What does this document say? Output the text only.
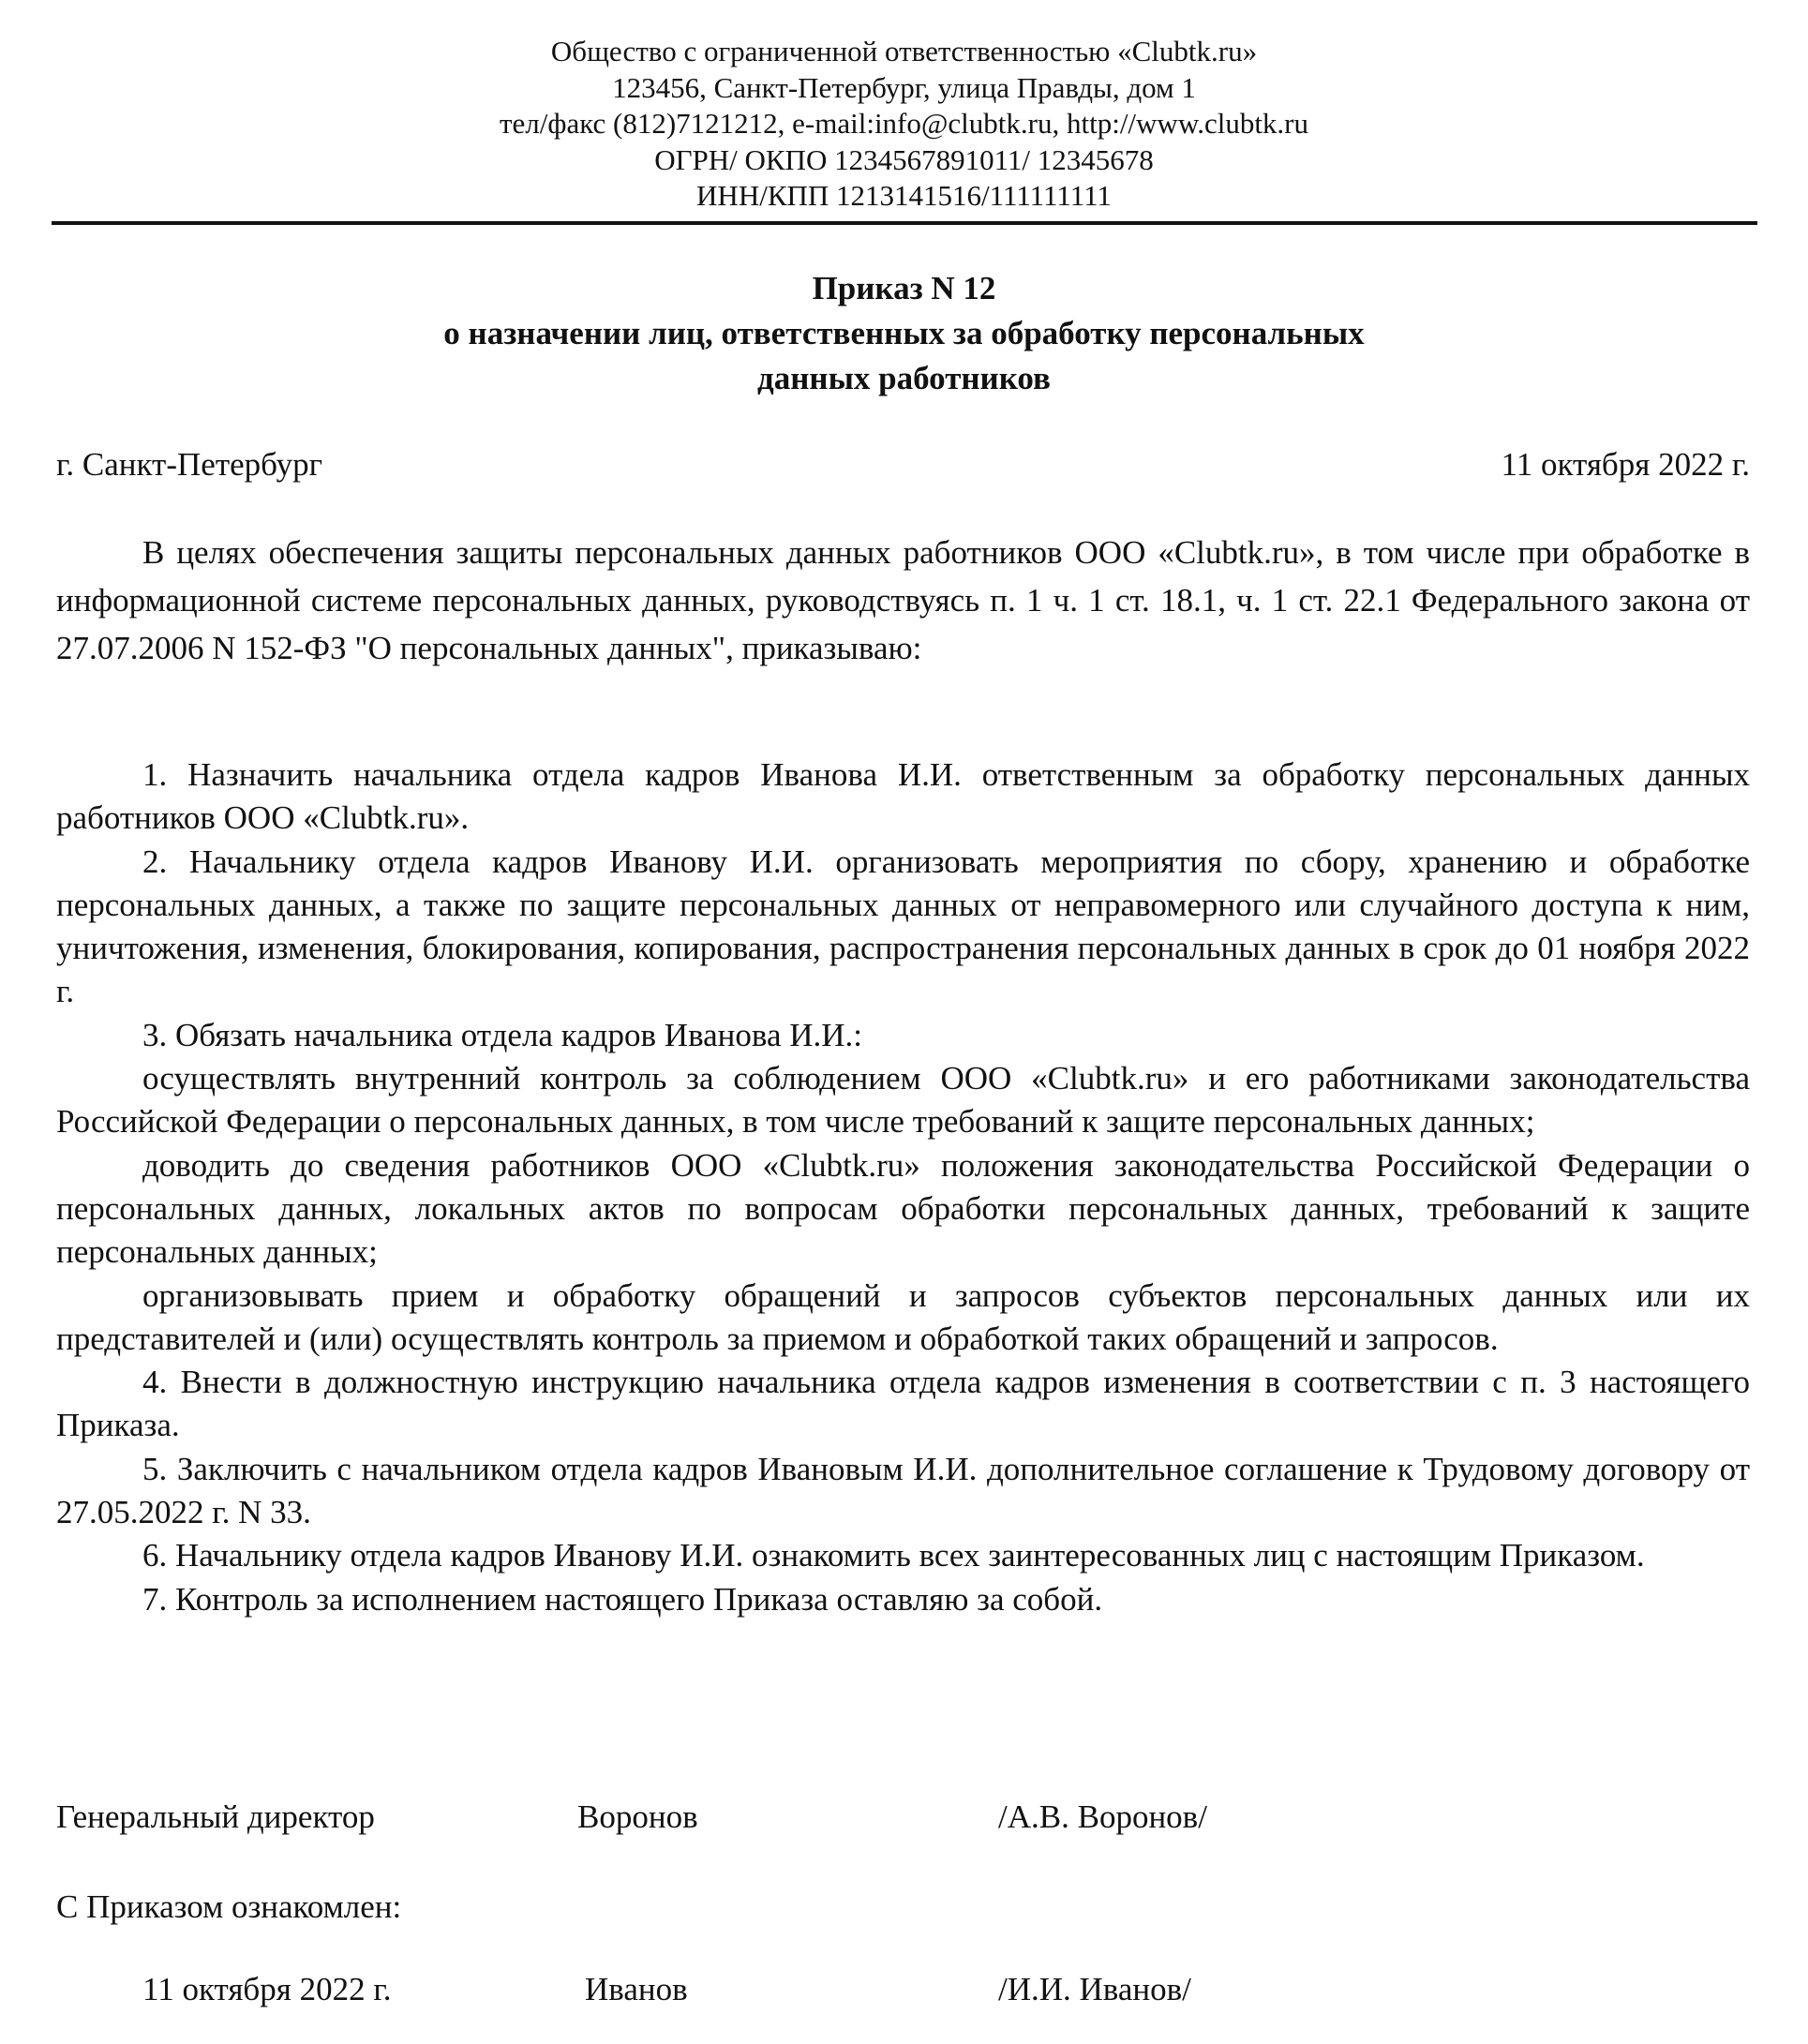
Общество с ограниченной ответственностью «Clubtk.ru»
123456, Санкт-Петербург, улица Правды, дом 1
тел/факс (812)7121212, e-mail:info@clubtk.ru, http://www.clubtk.ru
ОГРН/ ОКПО 1234567891011/ 12345678
ИНН/КПП 1213141516/111111111
Приказ N 12
о назначении лиц, ответственных за обработку персональных
данных работников
г. Санкт-Петербург	11 октября 2022 г.

В целях обеспечения защиты персональных данных работников ООО «Clubtk.ru», в том числе при обработке в информационной системе персональных данных, руководствуясь п. 1 ч. 1 ст. 18.1, ч. 1 ст. 22.1 Федерального закона от 27.07.2006 N 152-ФЗ "О персональных данных", приказываю:

1. Назначить начальника отдела кадров Иванова И.И. ответственным за обработку персональных данных работников ООО «Clubtk.ru».

2. Начальнику отдела кадров Иванову И.И. организовать мероприятия по сбору, хранению и обработке персональных данных, а также по защите персональных данных от неправомерного или случайного доступа к ним, уничтожения, изменения, блокирования, копирования, распространения персональных данных в срок до 01 ноября 2022 г.

3. Обязать начальника отдела кадров Иванова И.И.:

осуществлять внутренний контроль за соблюдением ООО «Clubtk.ru» и его работниками законодательства Российской Федерации о персональных данных, в том числе требований к защите персональных данных;

доводить до сведения работников ООО «Clubtk.ru» положения законодательства Российской Федерации о персональных данных, локальных актов по вопросам обработки персональных данных, требований к защите персональных данных;

организовывать прием и обработку обращений и запросов субъектов персональных данных или их представителей и (или) осуществлять контроль за приемом и обработкой таких обращений и запросов.

4. Внести в должностную инструкцию начальника отдела кадров изменения в соответствии с п. 3 настоящего Приказа.

5. Заключить с начальником отдела кадров Ивановым И.И. дополнительное соглашение к Трудовому договору от 27.05.2022 г. N 33.

6. Начальнику отдела кадров Иванову И.И. ознакомить всех заинтересованных лиц с настоящим Приказом.

7. Контроль за исполнением настоящего Приказа оставляю за собой.

Генеральный директор	Воронов	/А.В. Воронов/
С Приказом ознакомлен:
11 октября 2022 г.	Иванов	/И.И. Иванов/
